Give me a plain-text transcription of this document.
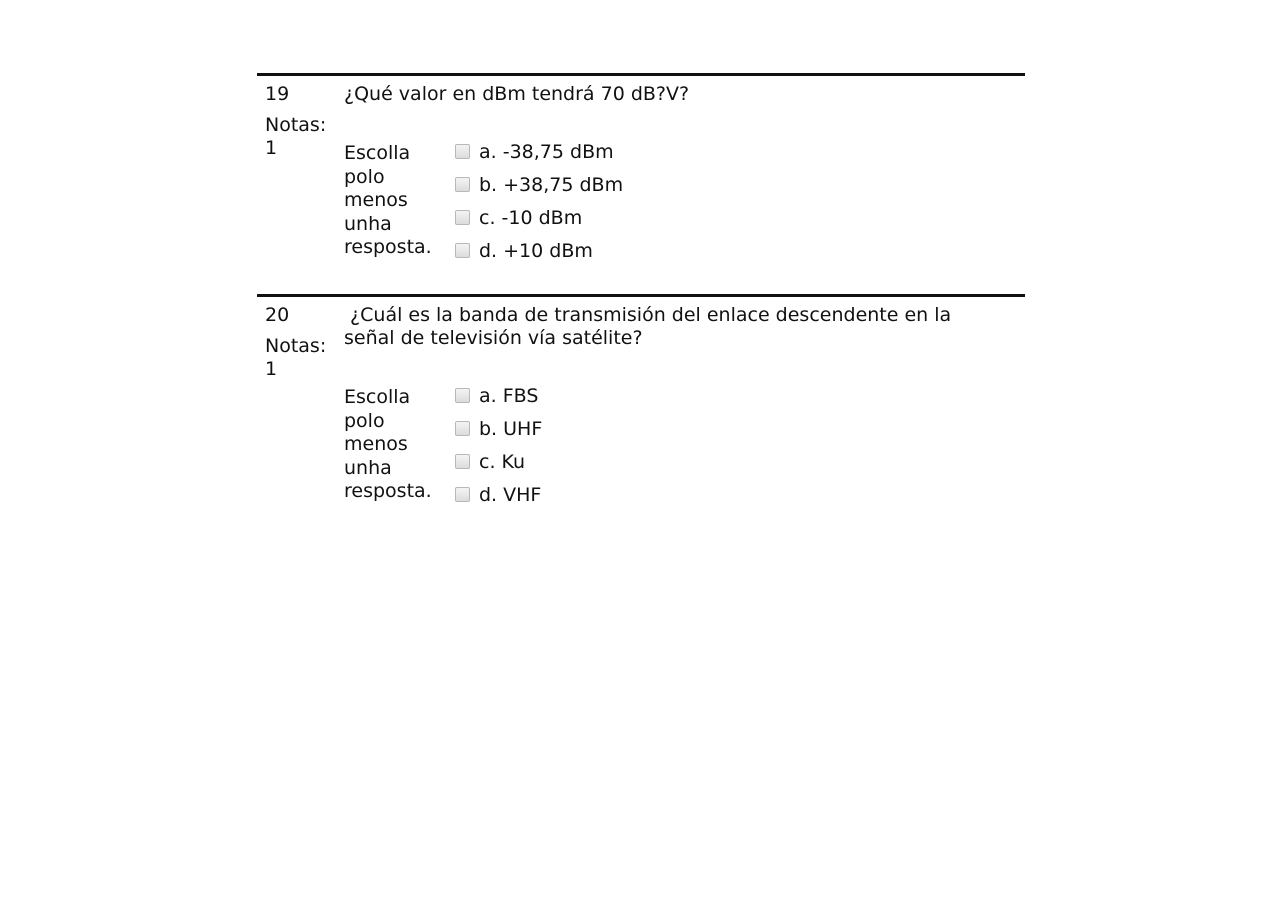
19
Notas:
1
¿Qué valor en dBm tendrá 70 dB?V?
Escolla polo menos unha resposta.
a. -38,75 dBm
b. +38,75 dBm
c. -10 dBm
d. +10 dBm
20
Notas:
1
¿Cuál es la banda de transmisión del enlace descendente en la señal de televisión vía satélite?
Escolla polo menos unha resposta.
a. FBS
b. UHF
c. Ku
d. VHF
